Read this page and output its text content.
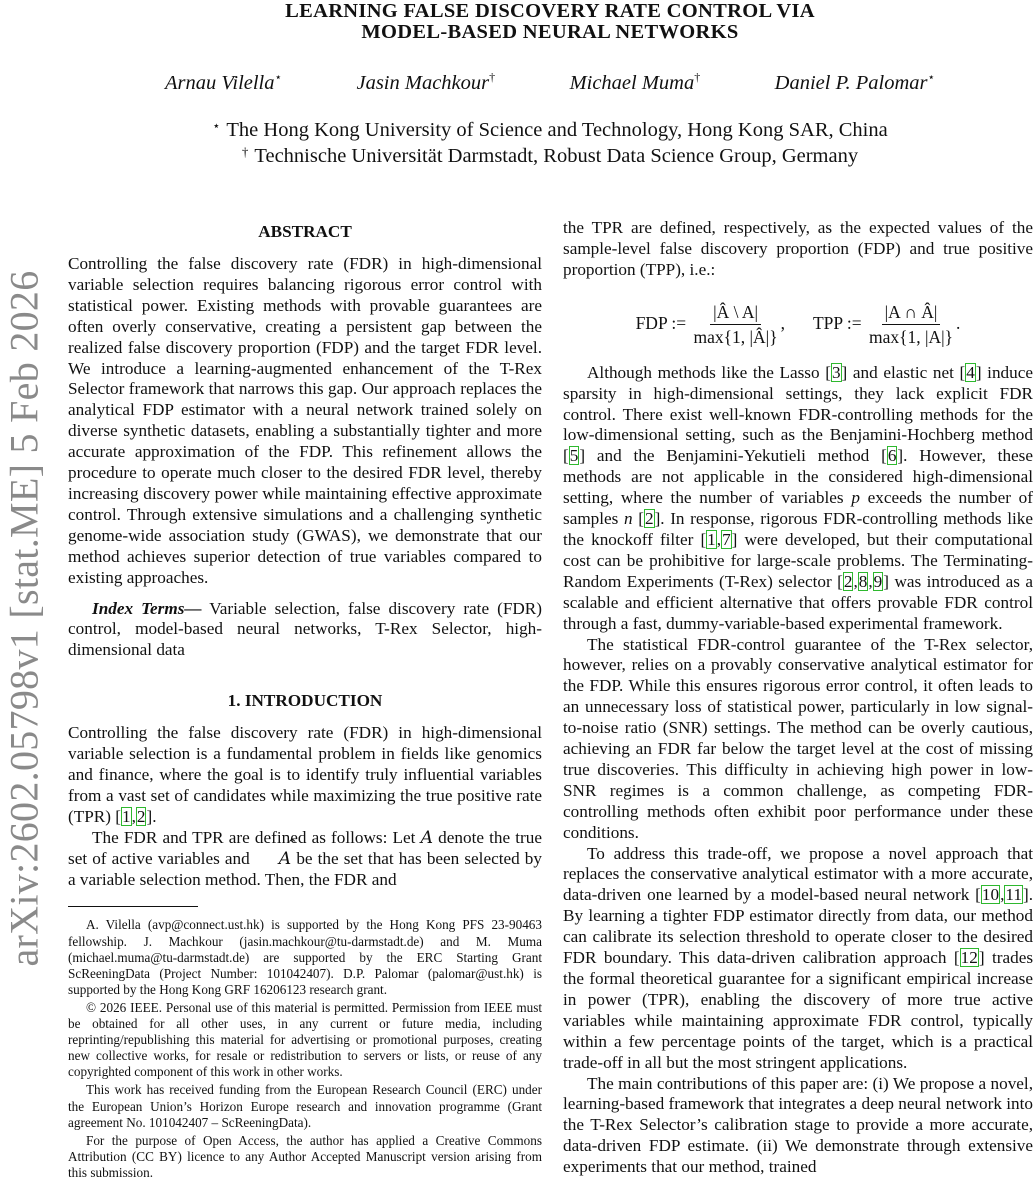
arXiv:2602.05798v1 [stat.ME] 5 Feb 2026
LEARNING FALSE DISCOVERY RATE CONTROL VIA
MODEL-BASED NEURAL NETWORKS
Arnau Vilella⋆	Jasin Machkour†	Michael Muma†	Daniel P. Palomar⋆
⋆ The Hong Kong University of Science and Technology, Hong Kong SAR, China
† Technische Universität Darmstadt, Robust Data Science Group, Germany
ABSTRACT

Controlling the false discovery rate (FDR) in high-dimensional variable selection requires balancing rigorous error control with statistical power. Existing methods with provable guarantees are often overly conservative, creating a persistent gap between the realized false discovery proportion (FDP) and the target FDR level. We introduce a learning-augmented enhancement of the T-Rex Selector framework that narrows this gap. Our approach replaces the analytical FDP estimator with a neural network trained solely on diverse synthetic datasets, enabling a substantially tighter and more accurate approximation of the FDP. This refinement allows the procedure to operate much closer to the desired FDR level, thereby increasing discovery power while maintaining effective approximate control. Through extensive simulations and a challenging synthetic genome-wide association study (GWAS), we demonstrate that our method achieves superior detection of true variables compared to existing approaches.

Index Terms— Variable selection, false discovery rate (FDR) control, model-based neural networks, T-Rex Selector, high-dimensional data

1. INTRODUCTION

Controlling the false discovery rate (FDR) in high-dimensional variable selection is a fundamental problem in fields like genomics and finance, where the goal is to identify truly influential variables from a vast set of candidates while maximizing the true positive rate (TPR) [1,2].

The FDR and TPR are defined as follows: Let A denote the true set of active variables and ˆ A be the set that has been selected by a variable selection method. Then, the FDR and

A. Vilella (avp@connect.ust.hk) is supported by the Hong Kong PFS 23-90463 fellowship. J. Machkour (jasin.machkour@tu-darmstadt.de) and M. Muma (michael.muma@tu-darmstadt.de) are supported by the ERC Starting Grant ScReeningData (Project Number: 101042407). D.P. Palomar (palomar@ust.hk) is supported by the Hong Kong GRF 16206123 research grant.

© 2026 IEEE. Personal use of this material is permitted. Permission from IEEE must be obtained for all other uses, in any current or future media, including reprinting/republishing this material for advertising or promotional purposes, creating new collective works, for resale or redistribution to servers or lists, or reuse of any copyrighted component of this work in other works.

This work has received funding from the European Research Council (ERC) under the European Union’s Horizon Europe research and innovation programme (Grant agreement No. 101042407 – ScReeningData).

For the purpose of Open Access, the author has applied a Creative Commons Attribution (CC BY) licence to any Author Accepted Manuscript version arising from this submission.

the TPR are defined, respectively, as the expected values of the sample-level false discovery proportion (FDP) and true positive proportion (TPP), i.e.:

FDP := $\frac{|Â \backslash A|}{\max\{1, |Â|\}}$ , TPP := $\frac{|A \cap Â|}{\max\{1, |A|\}}$ .

Although methods like the Lasso [3] and elastic net [4] induce sparsity in high-dimensional settings, they lack explicit FDR control. There exist well-known FDR-controlling methods for the low-dimensional setting, such as the Benjamini-Hochberg method [5] and the Benjamini-Yekutieli method [6]. However, these methods are not applicable in the considered high-dimensional setting, where the number of variables p exceeds the number of samples n [2]. In response, rigorous FDR-controlling methods like the knockoff filter [1,7] were developed, but their computational cost can be prohibitive for large-scale problems. The Terminating-Random Experiments (T-Rex) selector [2,8,9] was introduced as a scalable and efficient alternative that offers provable FDR control through a fast, dummy-variable-based experimental framework.

The statistical FDR-control guarantee of the T-Rex selector, however, relies on a provably conservative analytical estimator for the FDP. While this ensures rigorous error control, it often leads to an unnecessary loss of statistical power, particularly in low signal-to-noise ratio (SNR) settings. The method can be overly cautious, achieving an FDR far below the target level at the cost of missing true discoveries. This difficulty in achieving high power in low-SNR regimes is a common challenge, as competing FDR-controlling methods often exhibit poor performance under these conditions.

To address this trade-off, we propose a novel approach that replaces the conservative analytical estimator with a more accurate, data-driven one learned by a model-based neural network [10,11]. By learning a tighter FDP estimator directly from data, our method can calibrate its selection threshold to operate closer to the desired FDR boundary. This data-driven calibration approach [12] trades the formal theoretical guarantee for a significant empirical increase in power (TPR), enabling the discovery of more true active variables while maintaining approximate FDR control, typically within a few percentage points of the target, which is a practical trade-off in all but the most stringent applications.

The main contributions of this paper are: (i) We propose a novel, learning-based framework that integrates a deep neural network into the T-Rex Selector’s calibration stage to provide a more accurate, data-driven FDP estimate. (ii) We demonstrate through extensive experiments that our method, trained
